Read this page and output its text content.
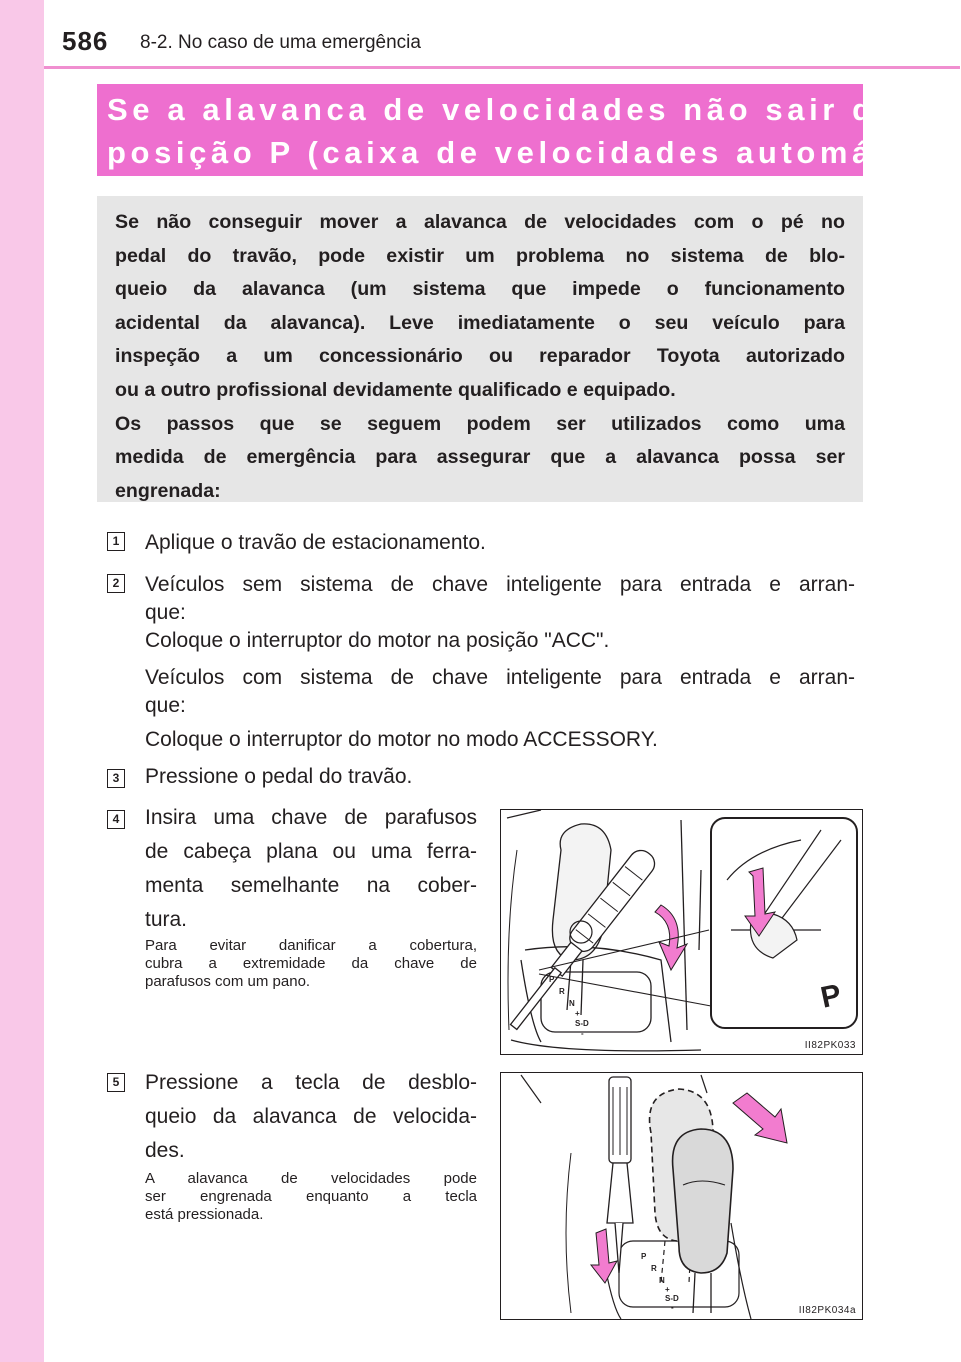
586 8-2. No caso de uma emergência
Se a alavanca de velocidades não sair da
posição P (caixa de velocidades automática)
Se não conseguir mover a alavanca de velocidades com o pé no
pedal do travão, pode existir um problema no sistema de blo-
queio da alavanca (um sistema que impede o funcionamento
acidental da alavanca). Leve imediatamente o seu veículo para
inspeção a um concessionário ou reparador Toyota autorizado
ou a outro profissional devidamente qualificado e equipado.
Os passos que se seguem podem ser utilizados como uma
medida de emergência para assegurar que a alavanca possa ser
engrenada:
1 Aplique o travão de estacionamento.
2 Veículos sem sistema de chave inteligente para entrada e arran-
que:
Coloque o interruptor do motor na posição "ACC".
Veículos com sistema de chave inteligente para entrada e arran-
que:
Coloque o interruptor do motor no modo ACCESSORY.
3 Pressione o pedal do travão.
4 Insira uma chave de parafusos
de cabeça plana ou uma ferra-
menta semelhante na cober-
tura.
Para evitar danificar a cobertura,
cubra a extremidade da chave de
parafusos com um pano.	P
P
R
N
+
S-D
-
II82PK033
5 Pressione a tecla de desblo-
queio da alavanca de velocida-
des.
A alavanca de velocidades pode
ser engrenada enquanto a tecla
está pressionada.
P
R
N
+
S-D
-	II82PK034a
